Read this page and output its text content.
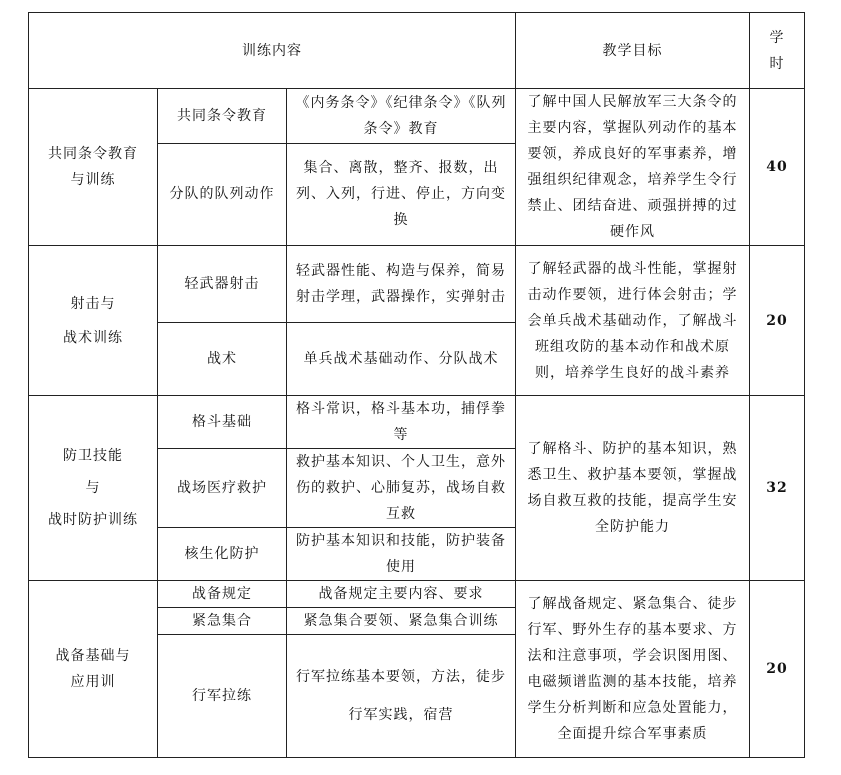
训练内容			教学目标	学
时

共同条令教育
与训练	共同条令教育	《内务条令》《纪律条令》《队列条令》教育	了解中国人民解放军三大条令的主要内容，掌握队列动作的基本要领，养成良好的军事素养，增强组织纪律观念，培养学生令行禁止、团结奋进、顽强拼搏的过硬作风	40
	分队的队列动作	集合、离散，整齐、报数，出列、入列，行进、停止，方向变换		

射击与
战术训练	轻武器射击	轻武器性能、构造与保养，简易射击学理，武器操作，实弹射击	了解轻武器的战斗性能，掌握射击动作要领，进行体会射击；学会单兵战术基础动作，了解战斗班组攻防的基本动作和战术原则，培养学生良好的战斗素养	20
	战术	单兵战术基础动作、分队战术		

防卫技能
与
战时防护训练	格斗基础	格斗常识，格斗基本功，捕俘拳等	了解格斗、防护的基本知识，熟悉卫生、救护基本要领，掌握战场自救互救的技能，提高学生安全防护能力	32
	战场医疗救护	救护基本知识、个人卫生，意外伤的救护、心肺复苏，战场自救互救		
	核生化防护	防护基本知识和技能，防护装备使用		

战备基础与
应用训	战备规定	战备规定主要内容、要求	了解战备规定、紧急集合、徒步行军、野外生存的基本要求、方法和注意事项，学会识图用图、电磁频谱监测的基本技能，培养学生分析判断和应急处置能力，全面提升综合军事素质	20
	紧急集合	紧急集合要领、紧急集合训练		
	行军拉练	行军拉练基本要领，方法，徒步行军实践，宿营		
